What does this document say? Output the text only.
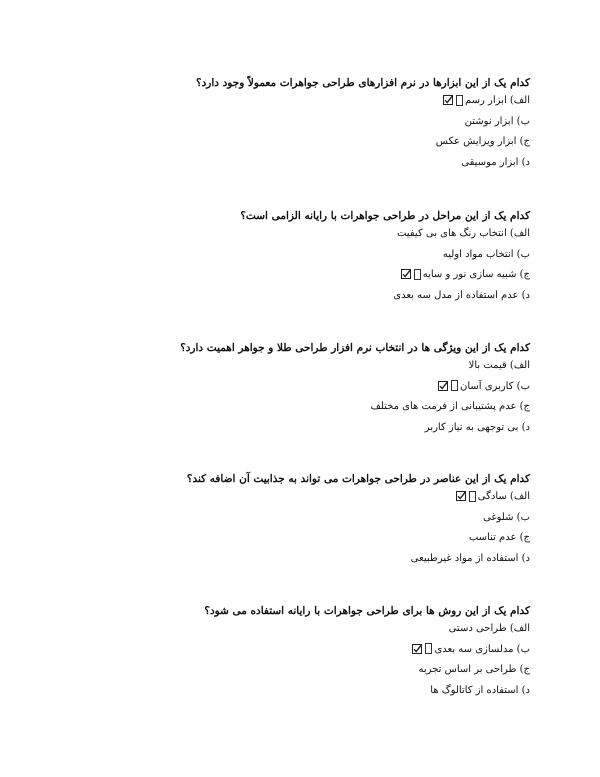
کدام یک از این ابزارها در نرم افزارهای طراحی جواهرات معمولاً وجود دارد؟
الف) ابزار رسم
ب) ابزار نوشتن
ج) ابزار ویرایش عکس
د) ابزار موسیقی
کدام یک از این مراحل در طراحی جواهرات با رایانه الزامی است؟
الف) انتخاب رنگ های بی کیفیت
ب) انتخاب مواد اولیه
ج) شبیه سازی نور و سایه
د) عدم استفاده از مدل سه بعدی
کدام یک از این ویژگی ها در انتخاب نرم افزار طراحی طلا و جواهر اهمیت دارد؟
الف) قیمت بالا
ب) کاربری آسان
ج) عدم پشتیبانی از فرمت های مختلف
د) بی توجهی به نیاز کاربر
کدام یک از این عناصر در طراحی جواهرات می تواند به جذابیت آن اضافه کند؟
الف) سادگی
ب) شلوغی
ج) عدم تناسب
د) استفاده از مواد غیرطبیعی
کدام یک از این روش ها برای طراحی جواهرات با رایانه استفاده می شود؟
الف) طراحی دستی
ب) مدلسازی سه بعدی
ج) طراحی بر اساس تجربه
د) استفاده از کاتالوگ ها
